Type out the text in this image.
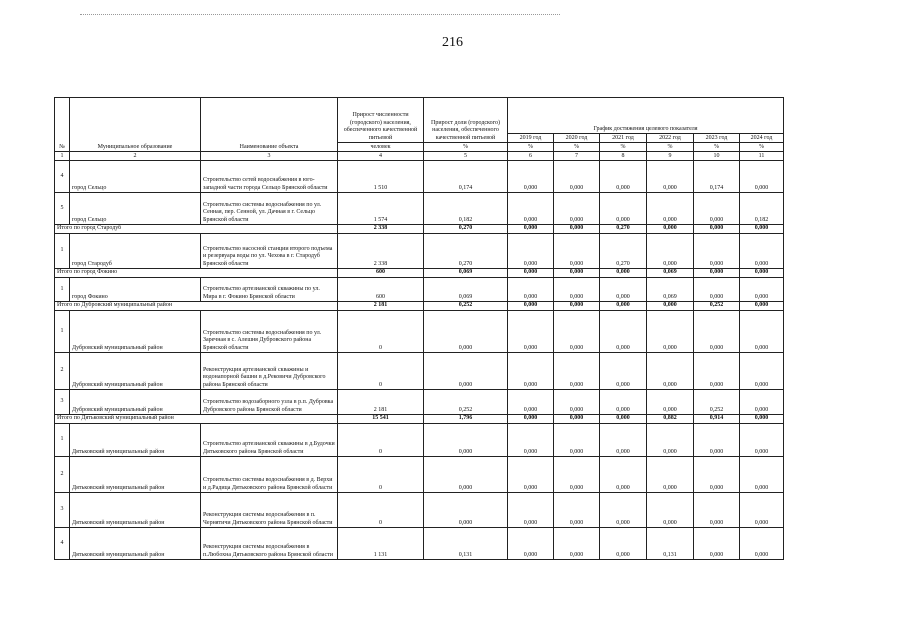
216
№	Муниципальное образование	Наименование объекта	Прирост численности (городского) населения, обеспеченного качественной питьевой	Прирост доли (городского) населения, обеспеченного качественной питьевой	График достижения целевого показателя					
					2019 год	2020 год	2021 год	2022 год	2023 год	2024 год
			человек	%	%	%	%	%	%	%
1	2	3	4	5	6	7	8	9	10	11
4	город Сельцо	Строительство сетей водоснабжения в юго-западной части города Сельцо Брянской области	1 510	0,174	0,000	0,000	0,000	0,000	0,174	0,000
5	город Сельцо	Строительство системы водоснабжения по ул. Сенная, пер. Сенной, ул. Дачная в г. Сельцо Брянской области	1 574	0,182	0,000	0,000	0,000	0,000	0,000	0,182
Итого по город Стародуб			2 338	0,270	0,000	0,000	0,270	0,000	0,000	0,000
1	город Стародуб	Строительство насосной станции второго подъема и резервуара воды по ул. Чехова в г. Стародуб Брянской области	2 338	0,270	0,000	0,000	0,270	0,000	0,000	0,000
Итого по город Фокино			600	0,069	0,000	0,000	0,000	0,069	0,000	0,000
1	город Фокино	Строительство артезианской скважины по ул. Мира в г. Фокино Брянской области	600	0,069	0,000	0,000	0,000	0,069	0,000	0,000
Итого по Дубровский муниципальный район			2 181	0,252	0,000	0,000	0,000	0,000	0,252	0,000
1	Дубровский муниципальный район	Строительство системы водоснабжения по ул. Заречная в с. Алешня Дубровского района Брянской области	0	0,000	0,000	0,000	0,000	0,000	0,000	0,000
2	Дубровский муниципальный район	Реконструкция артезианской скважины и водонапорной башни в д.Рековичи Дубровского района Брянской области	0	0,000	0,000	0,000	0,000	0,000	0,000	0,000
3	Дубровский муниципальный район	Строительство водозаборного узла в р.п. Дубровка Дубровского района Брянской области	2 181	0,252	0,000	0,000	0,000	0,000	0,252	0,000
Итого по Дятьковский муниципальный район			15 541	1,796	0,000	0,000	0,000	0,882	0,914	0,000
1	Дятьковский муниципальный район	Строительство артезианской скважины в д.Будочки Дятьковского района Брянской области	0	0,000	0,000	0,000	0,000	0,000	0,000	0,000
2	Дятьковский муниципальный район	Строительство системы водоснабжения в д. Верхи и д.Радица Дятьковского района Брянской области	0	0,000	0,000	0,000	0,000	0,000	0,000	0,000
3	Дятьковский муниципальный район	Реконструкция системы водоснабжения в п. Чернятичи Дятьковского района Брянской области	0	0,000	0,000	0,000	0,000	0,000	0,000	0,000
4	Дятьковский муниципальный район	Реконструкция системы водоснабжения в п.Любохна Дятьковского района Брянской области	1 131	0,131	0,000	0,000	0,000	0,131	0,000	0,000
